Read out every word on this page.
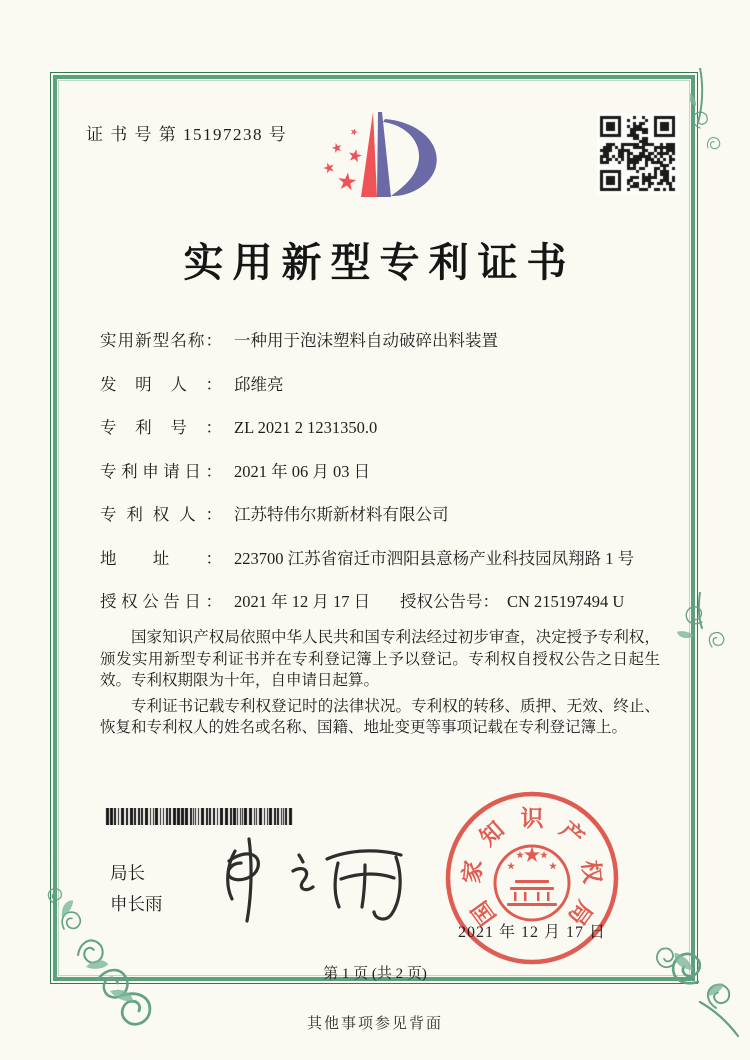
证 书 号 第 15197238 号
实用新型专利证书
实用新型名称： 一种用于泡沫塑料自动破碎出料装置
发明人： 邱维亮
专利号： ZL 2021 2 1231350.0
专利申请日： 2021 年 06 月 03 日
专利权人： 江苏特伟尔斯新材料有限公司
地址： 223700 江苏省宿迁市泗阳县意杨产业科技园凤翔路 1 号
授权公告日： 2021 年 12 月 17 日 授权公告号： CN 215197494 U

国家知识产权局依照中华人民共和国专利法经过初步审查，决定授予专利权，颁发实用新型专利证书并在专利登记簿上予以登记。专利权自授权公告之日起生效。专利权期限为十年，自申请日起算。

专利证书记载专利权登记时的法律状况。专利权的转移、质押、无效、终止、恢复和专利权人的姓名或名称、国籍、地址变更等事项记载在专利登记簿上。

局长
申长雨
2021 年 12 月 17 日
国
家
知 识 产
权
局
第 1 页 (共 2 页)
其他事项参见背面
